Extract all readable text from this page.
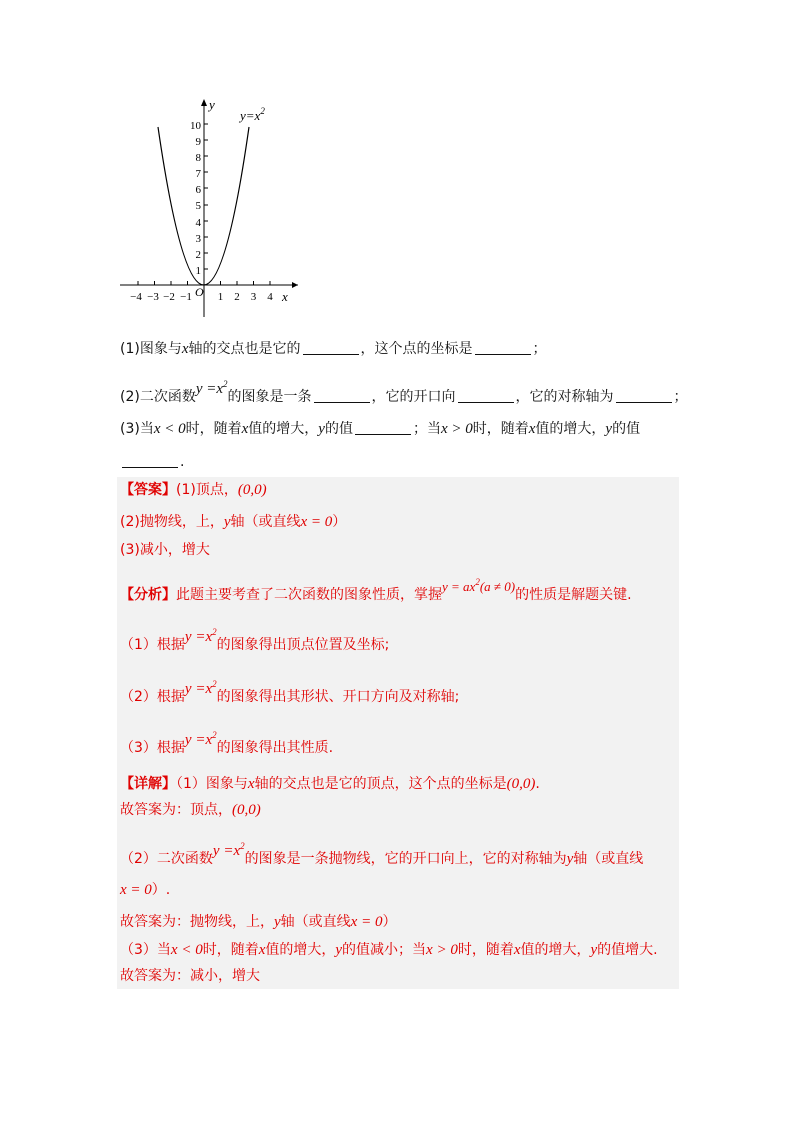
10
9
8
7
6
5
4
3
2
1
−4 −3 −2 −1 1 2 3 4
O	x
y
$y=x^2$
(1)图象与x轴的交点也是它的	，这个点的坐标是	；
(2)二次函数$y =x^2$的图象是一条	，它的开口向	，它的对称轴为	；
(3)当x < 0时，随着x值的增大，y的值	；当x > 0时，随着x值的增大，y的值
.
【答案】(1)顶点，(0,0)
(2)抛物线，上，y轴（或直线x = 0）
(3)减小，增大
【分析】此题主要考查了二次函数的图象性质，掌握$y = ax^2(a \ne 0)$的性质是解题关键.
（1）根据$y =x^2$的图象得出顶点位置及坐标;
（2）根据$y =x^2$的图象得出其形状、开口方向及对称轴;
（3）根据$y =x^2$的图象得出其性质.
【详解】（1）图象与x轴的交点也是它的顶点，这个点的坐标是(0,0).
故答案为：顶点，(0,0)
（2）二次函数$y =x^2$的图象是一条抛物线，它的开口向上，它的对称轴为y轴（或直线
x = 0）.
故答案为：抛物线，上，y轴（或直线x = 0）
（3）当x < 0时，随着x值的增大，y的值减小；当x > 0时，随着x值的增大，y的值增大.
故答案为：减小，增大
